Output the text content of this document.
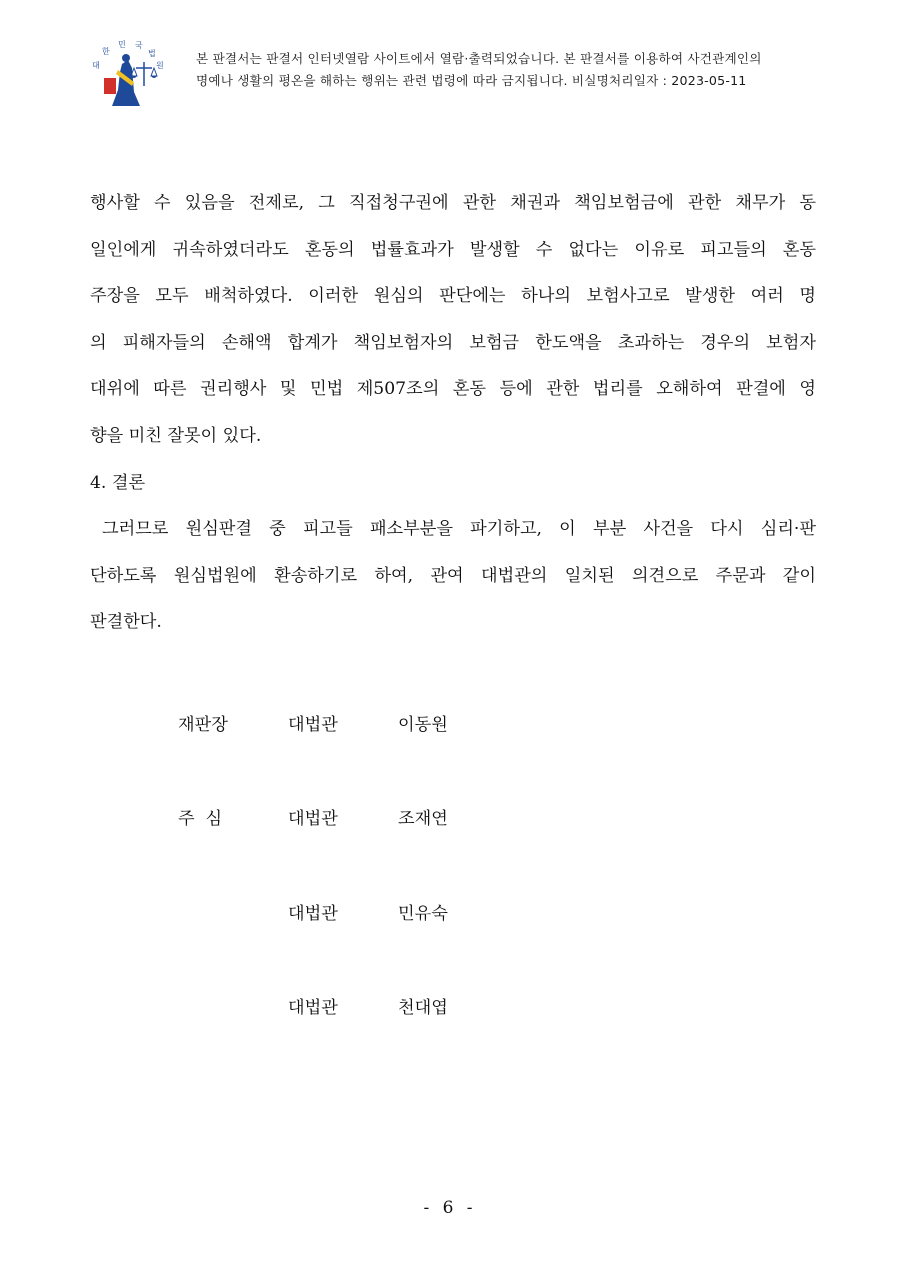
대
한
민 국
법
원	본 판결서는 판결서 인터넷열람 사이트에서 열람·출력되었습니다. 본 판결서를 이용하여 사건관계인의
명예나 생활의 평온을 해하는 행위는 관련 법령에 따라 금지됩니다. 비실명처리일자 : 2023-05-11
행사할 수 있음을 전제로, 그 직접청구권에 관한 채권과 책임보험금에 관한 채무가 동
일인에게 귀속하였더라도 혼동의 법률효과가 발생할 수 없다는 이유로 피고들의 혼동
주장을 모두 배척하였다. 이러한 원심의 판단에는 하나의 보험사고로 발생한 여러 명
의 피해자들의 손해액 합계가 책임보험자의 보험금 한도액을 초과하는 경우의 보험자
대위에 따른 권리행사 및 민법 제507조의 혼동 등에 관한 법리를 오해하여 판결에 영
향을 미친 잘못이 있다.
4. 결론
그러므로 원심판결 중 피고들 패소부분을 파기하고, 이 부분 사건을 다시 심리·판
단하도록 원심법원에 환송하기로 하여, 관여 대법관의 일치된 의견으로 주문과 같이
판결한다.
재판장	대법관	이동원
주  심	대법관	조재연
대법관	민유숙
대법관	천대엽
- 6 -
